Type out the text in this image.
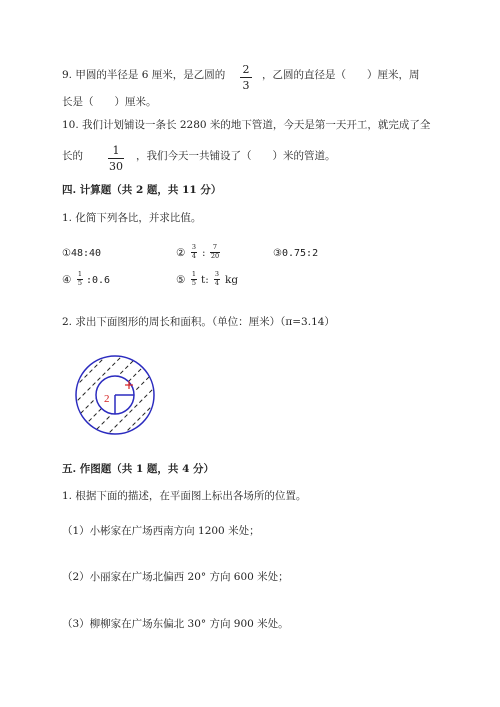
9. 甲圆的半径是 6 厘米，是乙圆的 2
3
，乙圆的直径是（　　）厘米，周
长是（　　）厘米。
10. 我们计划铺设一条长 2280 米的地下管道，今天是第一天开工，就完成了全
长的	1
30
，我们今天一共铺设了（　　）米的管道。
四. 计算题（共 2 题，共 11 分）
1. 化简下列各比，并求比值。
①48:40	② 3
4 :	7
20	③0.75:2
④ 1
5 :0.6	⑤ 1
5 t: 3
4 kg
2. 求出下面图形的周长和面积。（单位：厘米）（π=3.14）
2
五. 作图题（共 1 题，共 4 分）
1. 根据下面的描述，在平面图上标出各场所的位置。
（1）小彬家在广场西南方向 1200 米处；
（2）小丽家在广场北偏西 20° 方向 600 米处；
（3）柳柳家在广场东偏北 30° 方向 900 米处。
